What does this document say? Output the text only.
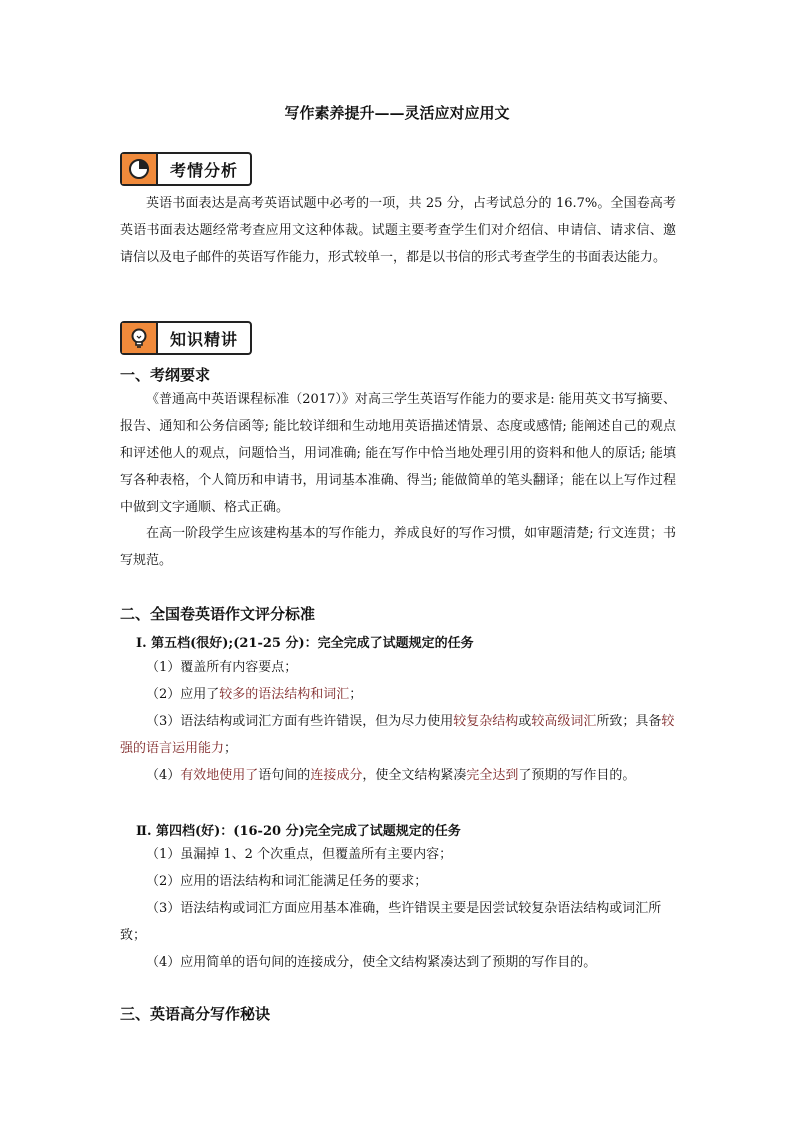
写作素养提升——灵活应对应用文
考情分析
英语书面表达是高考英语试题中必考的一项，共 25 分，占考试总分的 16.7%。全国卷高考英语书面表达题经常考查应用文这种体裁。试题主要考查学生们对介绍信、申请信、请求信、邀请信以及电子邮件的英语写作能力，形式较单一，都是以书信的形式考查学生的书面表达能力。
知识精讲
一、考纲要求
《普通高中英语课程标准（2017）》对高三学生英语写作能力的要求是: 能用英文书写摘要、报告、通知和公务信函等; 能比较详细和生动地用英语描述情景、态度或感情; 能阐述自己的观点和评述他人的观点，问题恰当，用词准确; 能在写作中恰当地处理引用的资料和他人的原话; 能填写各种表格，个人简历和申请书，用词基本准确、得当; 能做简单的笔头翻译；能在以上写作过程中做到文字通顺、格式正确。
在高一阶段学生应该建构基本的写作能力，养成良好的写作习惯，如审题清楚; 行文连贯；书写规范。
二、全国卷英语作文评分标准
Ⅰ. 第五档(很好);(21-25 分)：完全完成了试题规定的任务
（1）覆盖所有内容要点；
（2）应用了较多的语法结构和词汇；
（3）语法结构或词汇方面有些许错误，但为尽力使用较复杂结构或较高级词汇所致；具备较强的语言运用能力；
（4）有效地使用了语句间的连接成分，使全文结构紧凑完全达到了预期的写作目的。
Ⅱ. 第四档(好)：(16-20 分)完全完成了试题规定的任务
（1）虽漏掉 1、2 个次重点，但覆盖所有主要内容；
（2）应用的语法结构和词汇能满足任务的要求；
（3）语法结构或词汇方面应用基本准确，些许错误主要是因尝试较复杂语法结构或词汇所致；
（4）应用简单的语句间的连接成分，使全文结构紧凑达到了预期的写作目的。
三、英语高分写作秘诀
